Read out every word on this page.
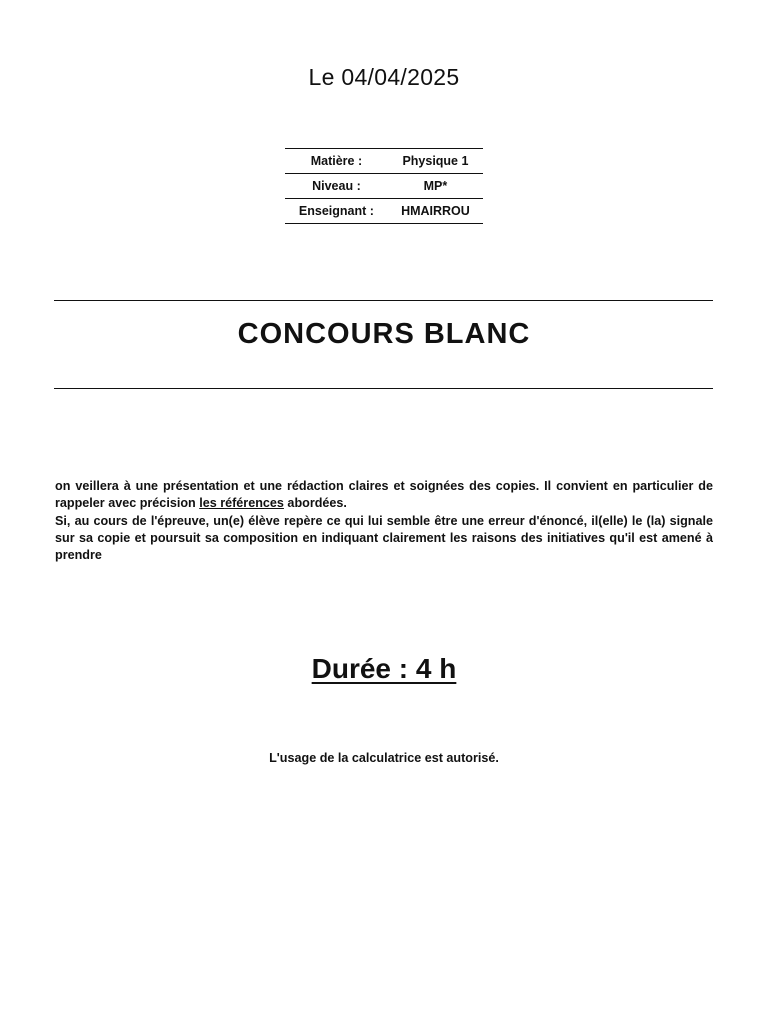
Le 04/04/2025
Matière :	Physique 1
Niveau :	MP*
Enseignant :	HMAIRROU
CONCOURS BLANC

on veillera à une présentation et une rédaction claires et soignées des copies. Il convient en particulier de rappeler avec précision les références abordées.

Si, au cours de l'épreuve, un(e) élève repère ce qui lui semble être une erreur d'énoncé, il(elle) le (la) signale sur sa copie et poursuit sa composition en indiquant clairement les raisons des initiatives qu'il est amené à prendre

Durée : 4 h
L'usage de la calculatrice est autorisé.
